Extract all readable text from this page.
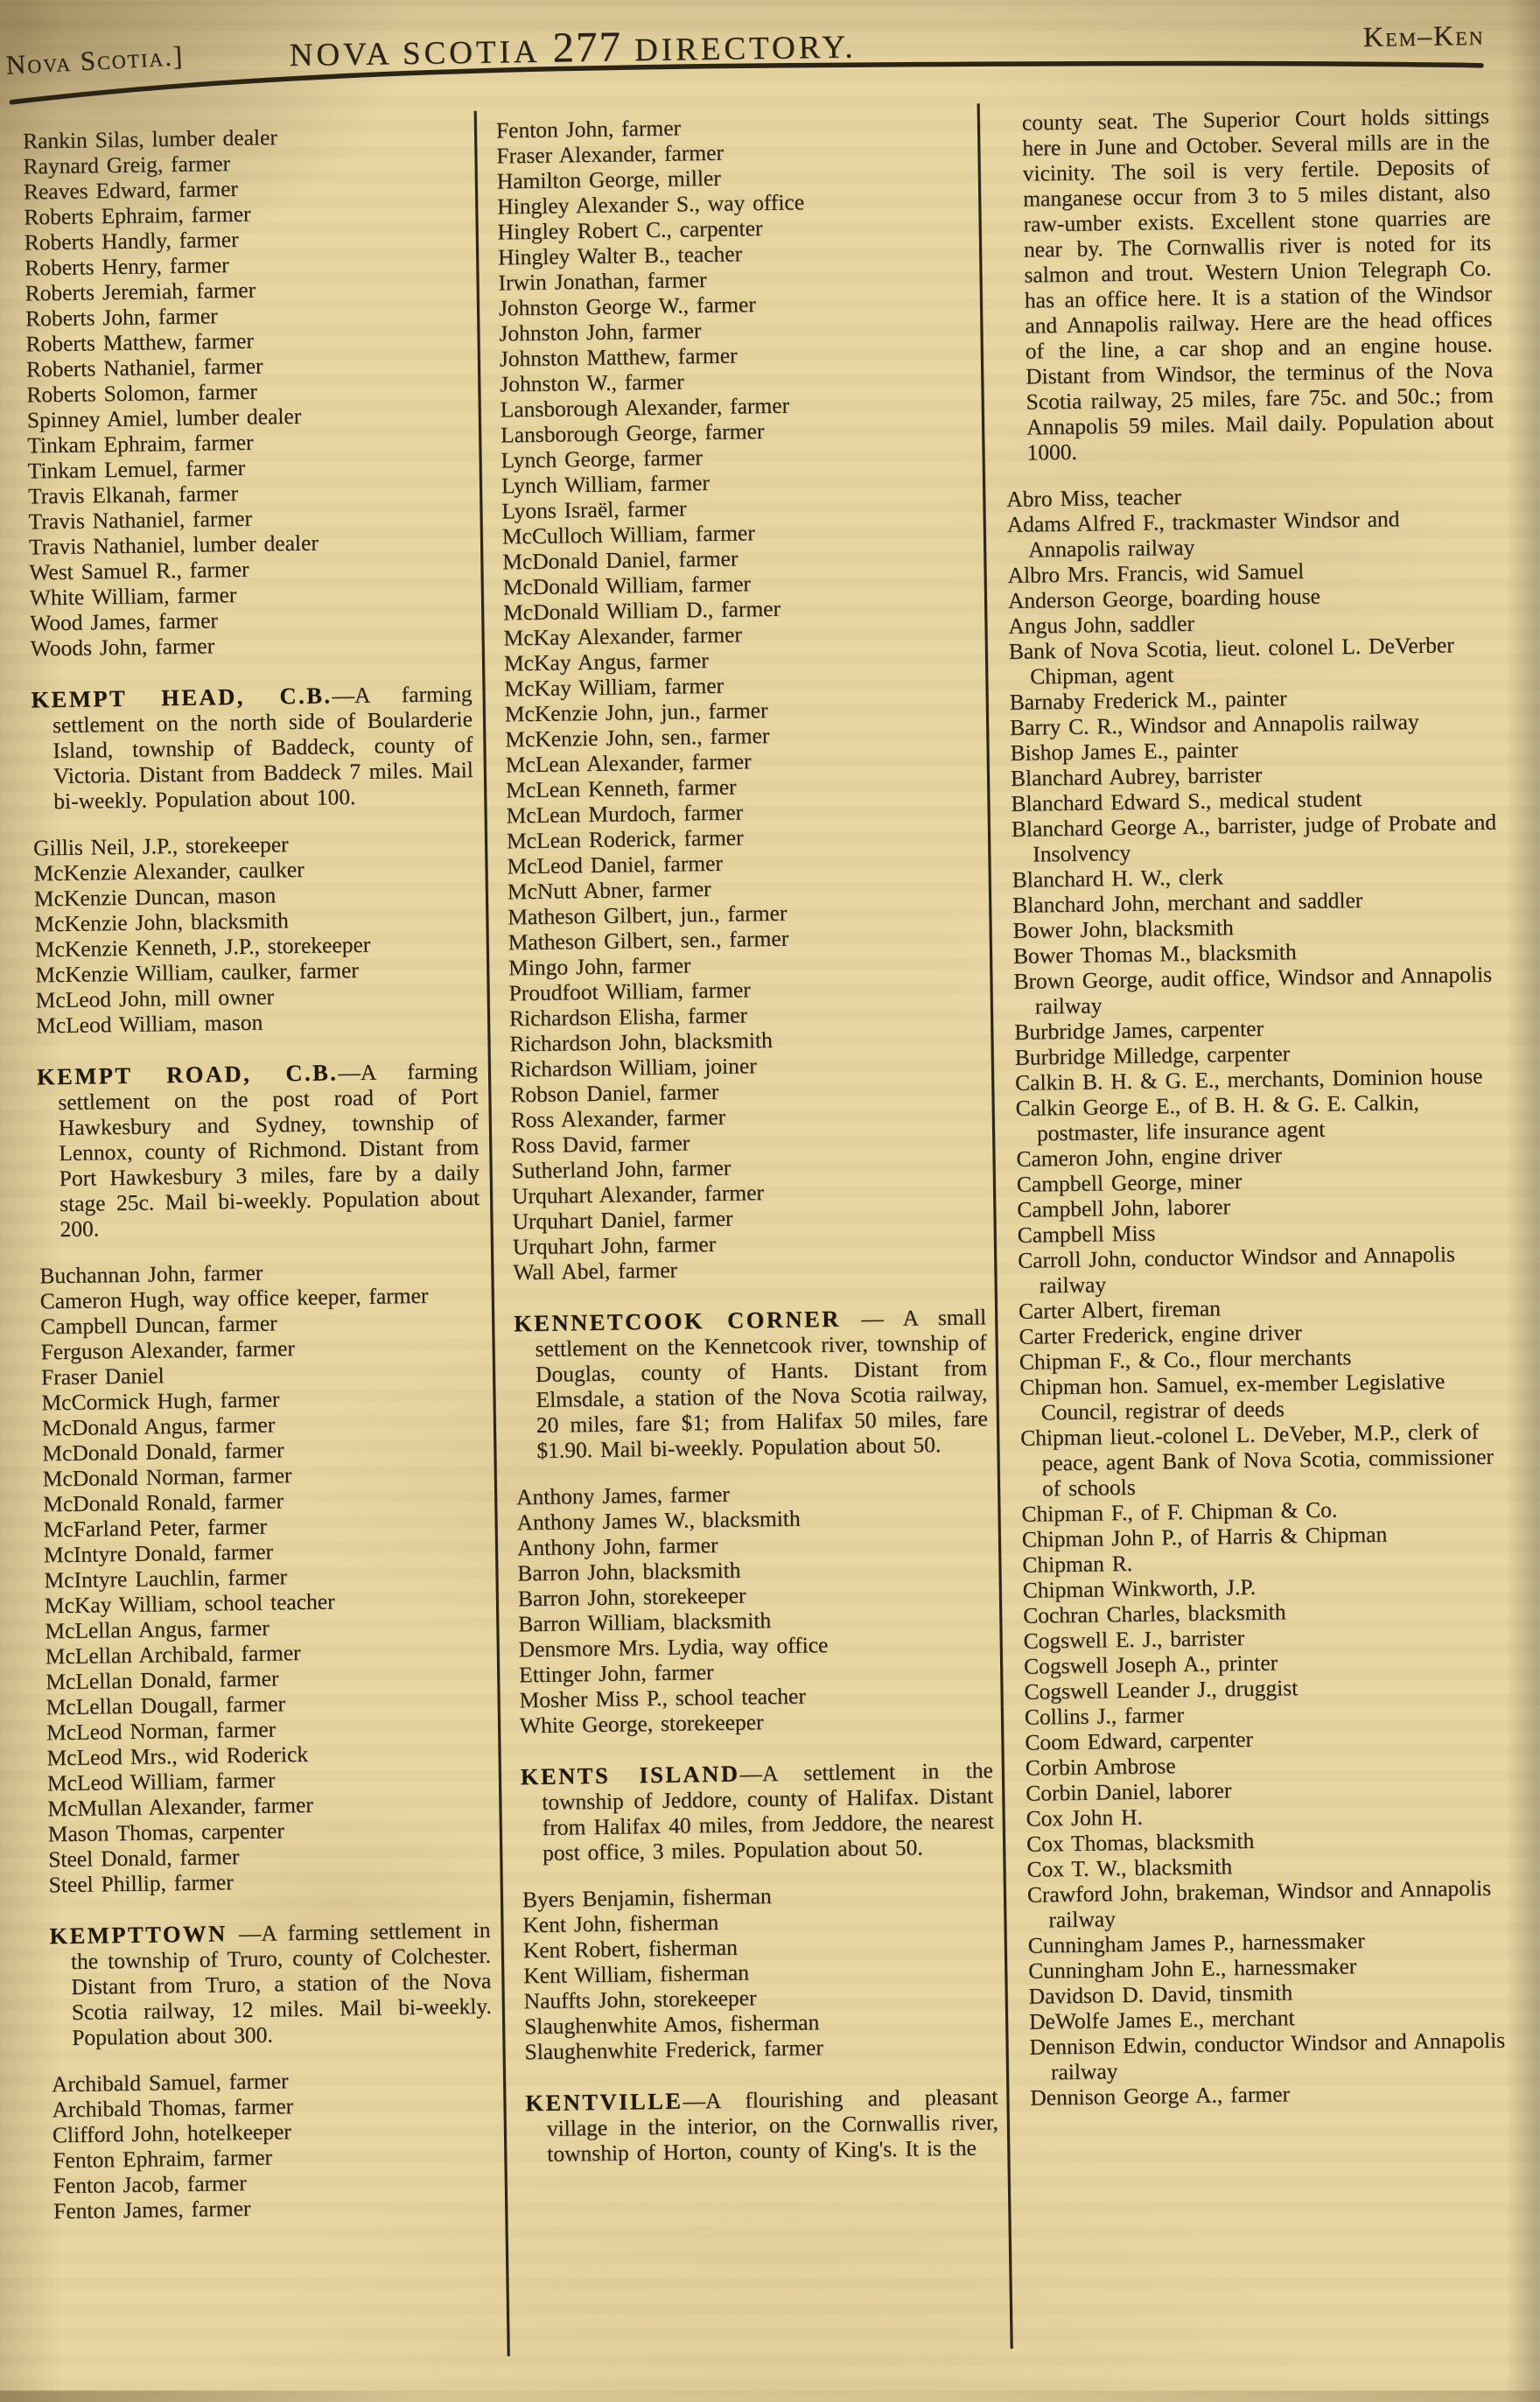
Nova Scotia.]	NOVA SCOTIA 277 DIRECTORY.	Kem–Ken
Rankin Silas, lumber dealer
Raynard Greig, farmer
Reaves Edward, farmer
Roberts Ephraim, farmer
Roberts Handly, farmer
Roberts Henry, farmer
Roberts Jeremiah, farmer
Roberts John, farmer
Roberts Matthew, farmer
Roberts Nathaniel, farmer
Roberts Solomon, farmer
Spinney Amiel, lumber dealer
Tinkam Ephraim, farmer
Tinkam Lemuel, farmer
Travis Elkanah, farmer
Travis Nathaniel, farmer
Travis Nathaniel, lumber dealer
West Samuel R., farmer
White William, farmer
Wood James, farmer
Woods John, farmer
KEMPT HEAD, C.B.—A farming settlement on the north side of Boularderie Island, township of Baddeck, county of Victoria. Distant from Baddeck 7 miles. Mail bi-weekly. Population about 100.
Gillis Neil, J.P., storekeeper
McKenzie Alexander, caulker
McKenzie Duncan, mason
McKenzie John, blacksmith
McKenzie Kenneth, J.P., storekeeper
McKenzie William, caulker, farmer
McLeod John, mill owner
McLeod William, mason
KEMPT ROAD, C.B.—A farming settlement on the post road of Port Hawkesbury and Sydney, township of Lennox, county of Richmond. Distant from Port Hawkesbury 3 miles, fare by a daily stage 25c. Mail bi-weekly. Population about 200.
Buchannan John, farmer
Cameron Hugh, way office keeper, farmer
Campbell Duncan, farmer
Ferguson Alexander, farmer
Fraser Daniel
McCormick Hugh, farmer
McDonald Angus, farmer
McDonald Donald, farmer
McDonald Norman, farmer
McDonald Ronald, farmer
McFarland Peter, farmer
McIntyre Donald, farmer
McIntyre Lauchlin, farmer
McKay William, school teacher
McLellan Angus, farmer
McLellan Archibald, farmer
McLellan Donald, farmer
McLellan Dougall, farmer
McLeod Norman, farmer
McLeod Mrs., wid Roderick
McLeod William, farmer
McMullan Alexander, farmer
Mason Thomas, carpenter
Steel Donald, farmer
Steel Phillip, farmer
KEMPTTOWN —A farming settlement in the township of Truro, county of Colchester. Distant from Truro, a station of the Nova Scotia railway, 12 miles. Mail bi-weekly. Population about 300.
Archibald Samuel, farmer
Archibald Thomas, farmer
Clifford John, hotelkeeper
Fenton Ephraim, farmer
Fenton Jacob, farmer
Fenton James, farmer
Fenton John, farmer
Fraser Alexander, farmer
Hamilton George, miller
Hingley Alexander S., way office
Hingley Robert C., carpenter
Hingley Walter B., teacher
Irwin Jonathan, farmer
Johnston George W., farmer
Johnston John, farmer
Johnston Matthew, farmer
Johnston W., farmer
Lansborough Alexander, farmer
Lansborough George, farmer
Lynch George, farmer
Lynch William, farmer
Lyons Israël, farmer
McCulloch William, farmer
McDonald Daniel, farmer
McDonald William, farmer
McDonald William D., farmer
McKay Alexander, farmer
McKay Angus, farmer
McKay William, farmer
McKenzie John, jun., farmer
McKenzie John, sen., farmer
McLean Alexander, farmer
McLean Kenneth, farmer
McLean Murdoch, farmer
McLean Roderick, farmer
McLeod Daniel, farmer
McNutt Abner, farmer
Matheson Gilbert, jun., farmer
Matheson Gilbert, sen., farmer
Mingo John, farmer
Proudfoot William, farmer
Richardson Elisha, farmer
Richardson John, blacksmith
Richardson William, joiner
Robson Daniel, farmer
Ross Alexander, farmer
Ross David, farmer
Sutherland John, farmer
Urquhart Alexander, farmer
Urquhart Daniel, farmer
Urquhart John, farmer
Wall Abel, farmer
KENNETCOOK CORNER — A small settlement on the Kennetcook river, township of Douglas, county of Hants. Distant from Elmsdale, a station of the Nova Scotia railway, 20 miles, fare $1; from Halifax 50 miles, fare $1.90. Mail bi-weekly. Population about 50.
Anthony James, farmer
Anthony James W., blacksmith
Anthony John, farmer
Barron John, blacksmith
Barron John, storekeeper
Barron William, blacksmith
Densmore Mrs. Lydia, way office
Ettinger John, farmer
Mosher Miss P., school teacher
White George, storekeeper
KENTS ISLAND—A settlement in the township of Jeddore, county of Halifax. Distant from Halifax 40 miles, from Jeddore, the nearest post office, 3 miles. Population about 50.
Byers Benjamin, fisherman
Kent John, fisherman
Kent Robert, fisherman
Kent William, fisherman
Nauffts John, storekeeper
Slaughenwhite Amos, fisherman
Slaughenwhite Frederick, farmer
KENTVILLE—A flourishing and pleasant village in the interior, on the Cornwallis river, township of Horton, county of King's. It is the
county seat. The Superior Court holds sittings here in June and October. Several mills are in the vicinity. The soil is very fertile. Deposits of manganese occur from 3 to 5 miles distant, also raw-umber exists. Excellent stone quarries are near by. The Cornwallis river is noted for its salmon and trout. Western Union Telegraph Co. has an office here. It is a station of the Windsor and Annapolis railway. Here are the head offices of the line, a car shop and an engine house. Distant from Windsor, the terminus of the Nova Scotia railway, 25 miles, fare 75c. and 50c.; from Annapolis 59 miles. Mail daily. Population about 1000.
Abro Miss, teacher
Adams Alfred F., trackmaster Windsor and Annapolis railway
Albro Mrs. Francis, wid Samuel
Anderson George, boarding house
Angus John, saddler
Bank of Nova Scotia, lieut. colonel L. DeVerber Chipman, agent
Barnaby Frederick M., painter
Barry C. R., Windsor and Annapolis railway
Bishop James E., painter
Blanchard Aubrey, barrister
Blanchard Edward S., medical student
Blanchard George A., barrister, judge of Probate and Insolvency
Blanchard H. W., clerk
Blanchard John, merchant and saddler
Bower John, blacksmith
Bower Thomas M., blacksmith
Brown George, audit office, Windsor and Annapolis railway
Burbridge James, carpenter
Burbridge Milledge, carpenter
Calkin B. H. & G. E., merchants, Dominion house
Calkin George E., of B. H. & G. E. Calkin, postmaster, life insurance agent
Cameron John, engine driver
Campbell George, miner
Campbell John, laborer
Campbell Miss
Carroll John, conductor Windsor and Annapolis railway
Carter Albert, fireman
Carter Frederick, engine driver
Chipman F., & Co., flour merchants
Chipman hon. Samuel, ex-member Legislative Council, registrar of deeds
Chipman lieut.-colonel L. DeVeber, M.P., clerk of peace, agent Bank of Nova Scotia, commissioner of schools
Chipman F., of F. Chipman & Co.
Chipman John P., of Harris & Chipman
Chipman R.
Chipman Winkworth, J.P.
Cochran Charles, blacksmith
Cogswell E. J., barrister
Cogswell Joseph A., printer
Cogswell Leander J., druggist
Collins J., farmer
Coom Edward, carpenter
Corbin Ambrose
Corbin Daniel, laborer
Cox John H.
Cox Thomas, blacksmith
Cox T. W., blacksmith
Crawford John, brakeman, Windsor and Annapolis railway
Cunningham James P., harnessmaker
Cunningham John E., harnessmaker
Davidson D. David, tinsmith
DeWolfe James E., merchant
Dennison Edwin, conductor Windsor and Annapolis railway
Dennison George A., farmer
